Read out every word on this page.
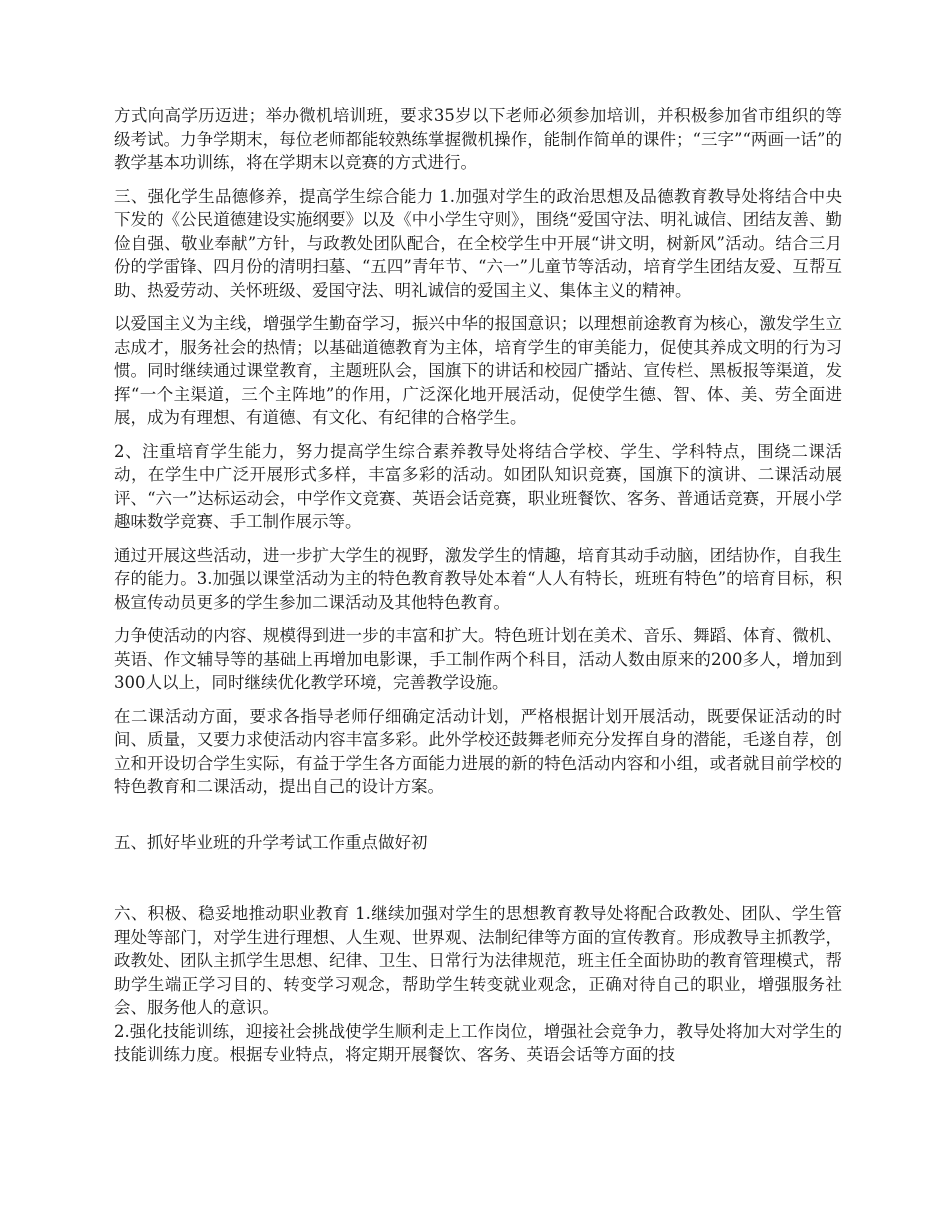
方式向高学历迈进；举办微机培训班，要求35岁以下老师必须参加培训，并积极参加省市组织的等级考试。力争学期末，每位老师都能较熟练掌握微机操作，能制作简单的课件；“三字”“两画一话”的教学基本功训练，将在学期末以竞赛的方式进行。

三、强化学生品德修养，提高学生综合能力 1.加强对学生的政治思想及品德教育教导处将结合中央下发的《公民道德建设实施纲要》以及《中小学生守则》，围绕“爱国守法、明礼诚信、团结友善、勤俭自强、敬业奉献”方针，与政教处团队配合，在全校学生中开展“讲文明，树新风”活动。结合三月份的学雷锋、四月份的清明扫墓、“五四”青年节、“六一”儿童节等活动，培育学生团结友爱、互帮互助、热爱劳动、关怀班级、爱国守法、明礼诚信的爱国主义、集体主义的精神。

以爱国主义为主线，增强学生勤奋学习，振兴中华的报国意识；以理想前途教育为核心，激发学生立志成才，服务社会的热情；以基础道德教育为主体，培育学生的审美能力，促使其养成文明的行为习惯。同时继续通过课堂教育，主题班队会，国旗下的讲话和校园广播站、宣传栏、黑板报等渠道，发挥“一个主渠道，三个主阵地”的作用，广泛深化地开展活动，促使学生德、智、体、美、劳全面进展，成为有理想、有道德、有文化、有纪律的合格学生。

2、注重培育学生能力，努力提高学生综合素养教导处将结合学校、学生、学科特点，围绕二课活动，在学生中广泛开展形式多样，丰富多彩的活动。如团队知识竞赛，国旗下的演讲、二课活动展评、“六一”达标运动会，中学作文竞赛、英语会话竞赛，职业班餐饮、客务、普通话竞赛，开展小学趣味数学竞赛、手工制作展示等。

通过开展这些活动，进一步扩大学生的视野，激发学生的情趣，培育其动手动脑，团结协作，自我生存的能力。3.加强以课堂活动为主的特色教育教导处本着“人人有特长，班班有特色”的培育目标，积极宣传动员更多的学生参加二课活动及其他特色教育。

力争使活动的内容、规模得到进一步的丰富和扩大。特色班计划在美术、音乐、舞蹈、体育、微机、英语、作文辅导等的基础上再增加电影课，手工制作两个科目，活动人数由原来的200多人，增加到300人以上，同时继续优化教学环境，完善教学设施。

在二课活动方面，要求各指导老师仔细确定活动计划，严格根据计划开展活动，既要保证活动的时间、质量，又要力求使活动内容丰富多彩。此外学校还鼓舞老师充分发挥自身的潜能，毛遂自荐，创立和开设切合学生实际，有益于学生各方面能力进展的新的特色活动内容和小组，或者就目前学校的特色教育和二课活动，提出自己的设计方案。

五、抓好毕业班的升学考试工作重点做好初

六、积极、稳妥地推动职业教育 1.继续加强对学生的思想教育教导处将配合政教处、团队、学生管理处等部门，对学生进行理想、人生观、世界观、法制纪律等方面的宣传教育。形成教导主抓教学，政教处、团队主抓学生思想、纪律、卫生、日常行为法律规范，班主任全面协助的教育管理模式，帮助学生端正学习目的、转变学习观念，帮助学生转变就业观念，正确对待自己的职业，增强服务社会、服务他人的意识。

2.强化技能训练，迎接社会挑战使学生顺利走上工作岗位，增强社会竞争力，教导处将加大对学生的技能训练力度。根据专业特点，将定期开展餐饮、客务、英语会话等方面的技
